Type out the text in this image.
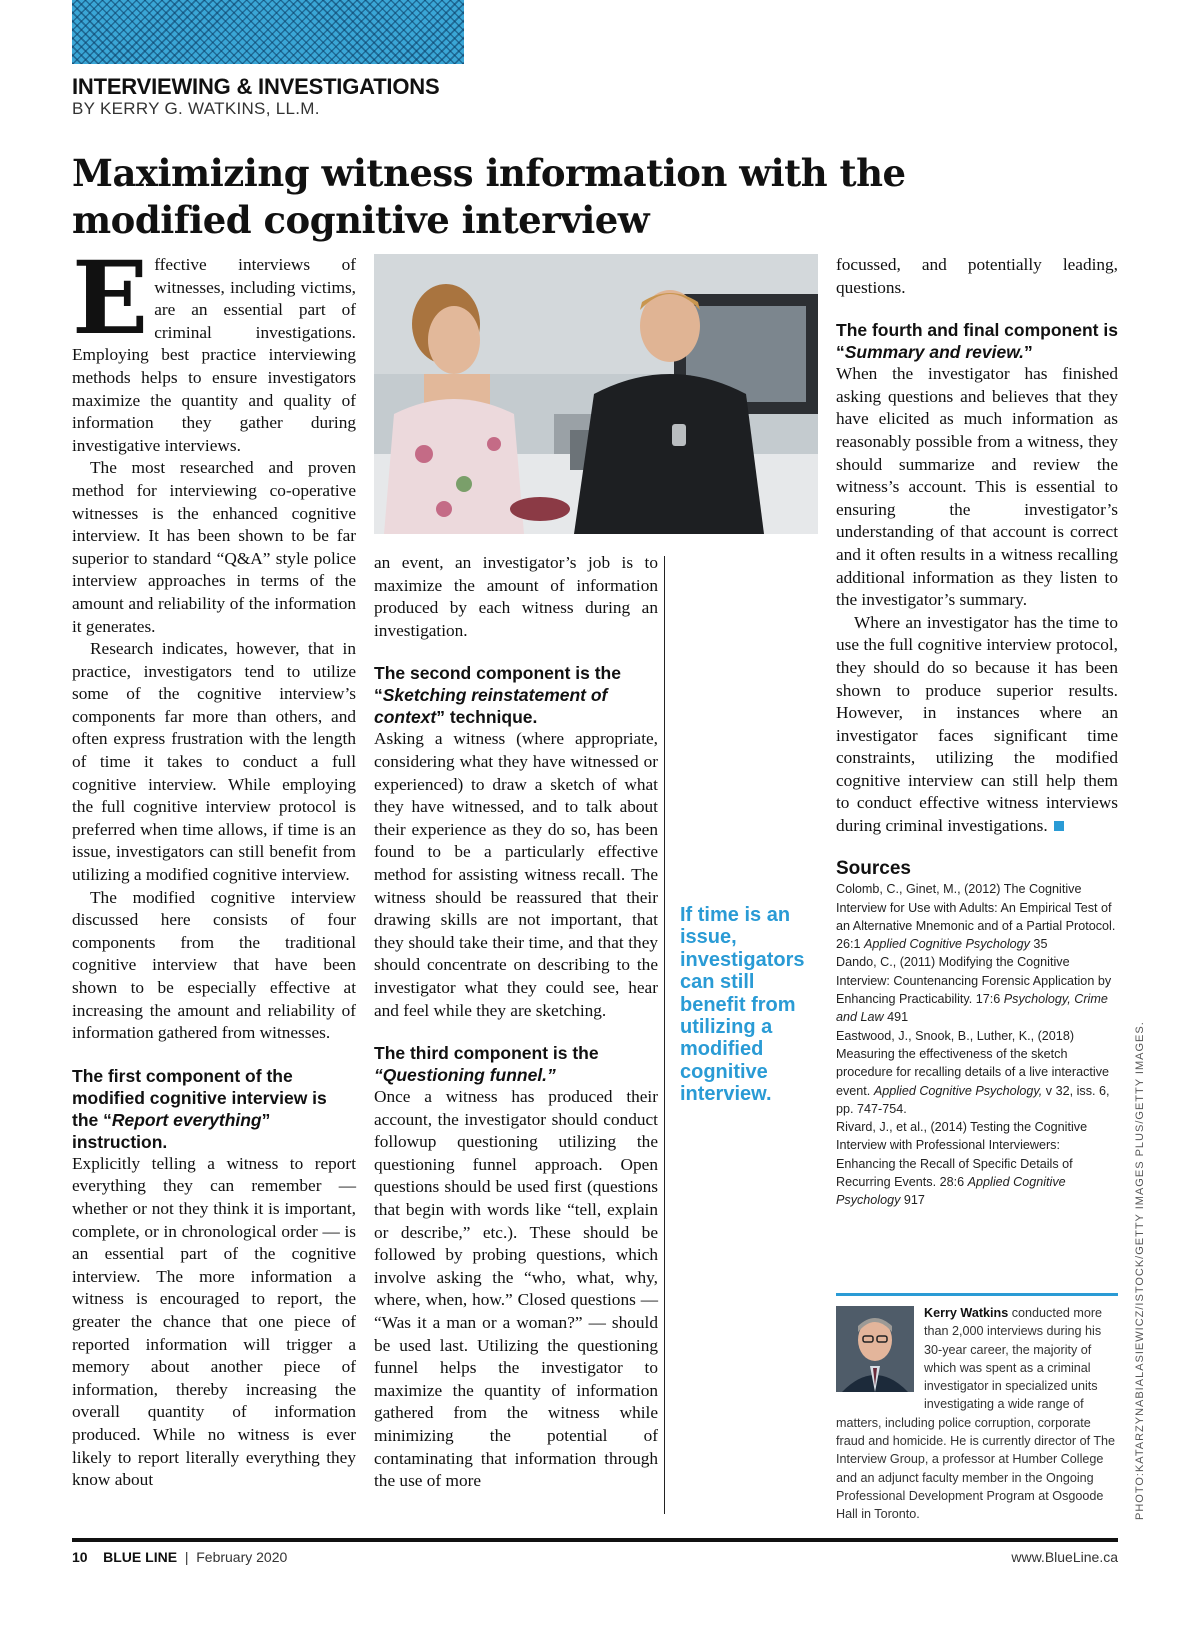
INTERVIEWING & INVESTIGATIONS
BY KERRY G. WATKINS, LL.M.
Maximizing witness information with the modified cognitive interview

Effective interviews of witnesses, including victims, are an essential part of criminal investigations. Employing best practice interviewing methods helps to ensure investigators maximize the quantity and quality of information they gather during investigative interviews.

The most researched and proven method for interviewing co-operative witnesses is the enhanced cognitive interview. It has been shown to be far superior to standard “Q&A” style police interview approaches in terms of the amount and reliability of the information it generates.

Research indicates, however, that in practice, investigators tend to utilize some of the cognitive interview’s components far more than others, and often express frustration with the length of time it takes to conduct a full cognitive interview. While employing the full cognitive interview protocol is preferred when time allows, if time is an issue, investigators can still benefit from utilizing a modified cognitive interview.

The modified cognitive interview discussed here consists of four components from the traditional cognitive interview that have been shown to be especially effective at increasing the amount and reliability of information gathered from witnesses.

The first component of the modified cognitive interview is the “Report everything” instruction.

Explicitly telling a witness to report everything they can remember — whether or not they think it is important, complete, or in chronological order — is an essential part of the cognitive interview. The more information a witness is encouraged to report, the greater the chance that one piece of reported information will trigger a memory about another piece of information, thereby increasing the overall quantity of information produced. While no witness is ever likely to report literally everything they know about

an event, an investigator’s job is to maximize the amount of information produced by each witness during an investigation.

The second component is the “Sketching reinstatement of context” technique.

Asking a witness (where appropriate, considering what they have witnessed or experienced) to draw a sketch of what they have witnessed, and to talk about their experience as they do so, has been found to be a particularly effective method for assisting witness recall. The witness should be reassured that their drawing skills are not important, that they should take their time, and that they should concentrate on describing to the investigator what they could see, hear and feel while they are sketching.

The third component is the “Questioning funnel.”

Once a witness has produced their account, the investigator should conduct followup questioning utilizing the questioning funnel approach. Open questions should be used first (questions that begin with words like “tell, explain or describe,” etc.). These should be followed by probing questions, which involve asking the “who, what, why, where, when, how.” Closed questions — “Was it a man or a woman?” — should be used last. Utilizing the questioning funnel helps the investigator to maximize the quantity of information gathered from the witness while minimizing the potential of contaminating that information through the use of more

If time is an issue, investigators can still benefit from utilizing a modified cognitive interview.

focussed, and potentially leading, questions.

The fourth and final component is “Summary and review.”

When the investigator has finished asking questions and believes that they have elicited as much information as reasonably possible from a witness, they should summarize and review the witness’s account. This is essential to ensuring the investigator’s understanding of that account is correct and it often results in a witness recalling additional information as they listen to the investigator’s summary.

Where an investigator has the time to use the full cognitive interview protocol, they should do so because it has been shown to produce superior results. However, in instances where an investigator faces significant time constraints, utilizing the modified cognitive interview can still help them to conduct effective witness interviews during criminal investigations.

Sources
Colomb, C., Ginet, M., (2012) The Cognitive Interview for Use with Adults: An Empirical Test of an Alternative Mnemonic and of a Partial Protocol. 26:1 Applied Cognitive Psychology 35
Dando, C., (2011) Modifying the Cognitive Interview: Countenancing Forensic Application by Enhancing Practicability. 17:6 Psychology, Crime and Law 491
Eastwood, J., Snook, B., Luther, K., (2018) Measuring the effectiveness of the sketch procedure for recalling details of a live interactive event. Applied Cognitive Psychology, v 32, iss. 6, pp. 747-754.
Rivard, J., et al., (2014) Testing the Cognitive Interview with Professional Interviewers: Enhancing the Recall of Specific Details of Recurring Events. 28:6 Applied Cognitive Psychology 917
Kerry Watkins conducted more than 2,000 interviews during his 30-year career, the majority of which was spent as a criminal investigator in specialized units investigating a wide range of matters, including police corruption, corporate fraud and homicide. He is currently director of The Interview Group, a professor at Humber College and an adjunct faculty member in the Ongoing Professional Development Program at Osgoode Hall in Toronto.	PHOTO:KATARZYNABIALASIEWICZ/ISTOCK/GETTY IMAGES PLUS/GETTY IMAGES.
10 BLUE LINE | February 2020	www.BlueLine.ca
